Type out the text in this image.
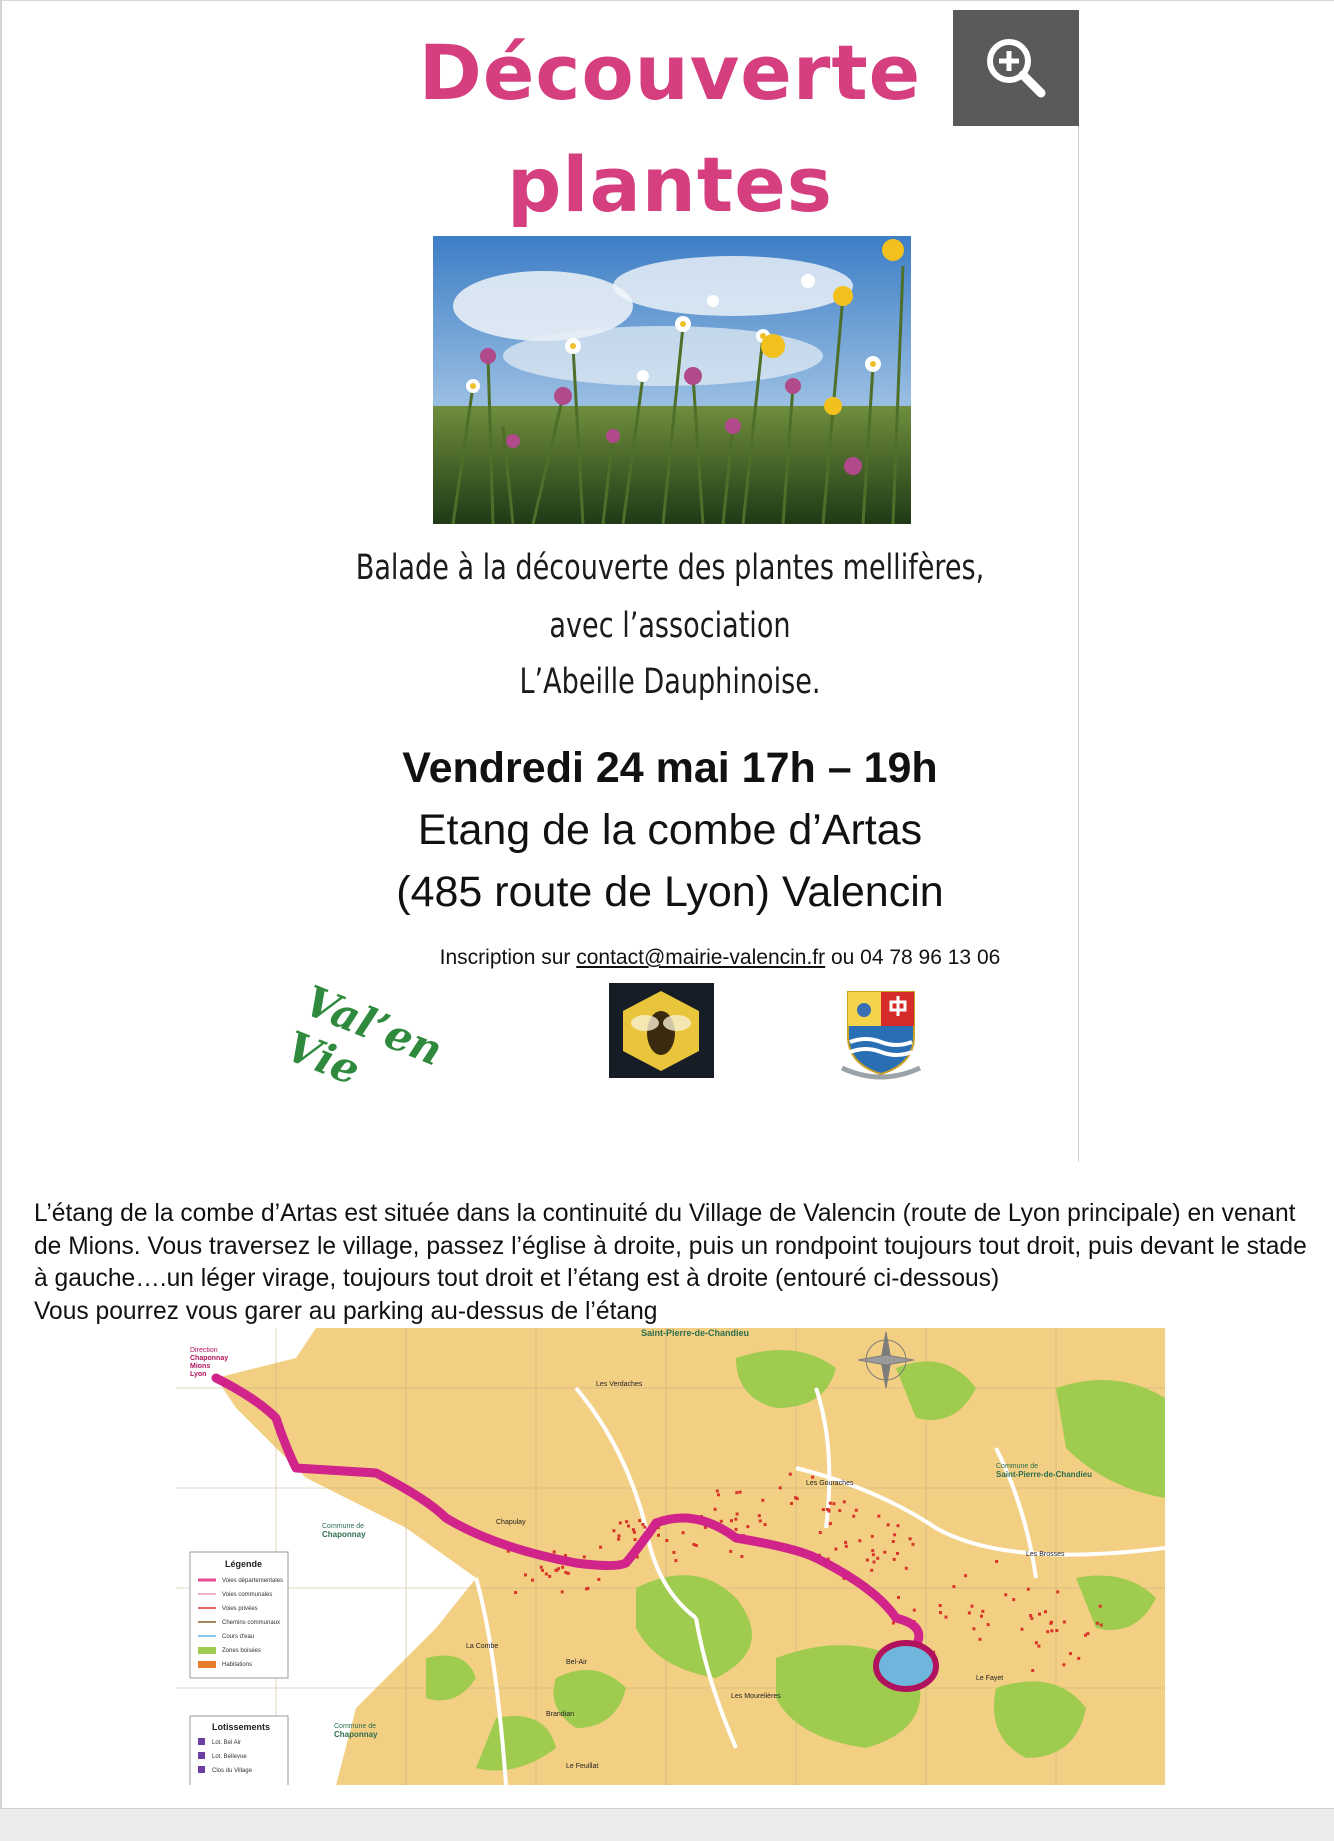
Découverte
plantes
Balade à la découverte des plantes mellifères,
avec l’association
L’Abeille Dauphinoise.
Vendredi 24 mai 17h – 19h
Etang de la combe d’Artas
(485 route de Lyon) Valencin
Inscription sur contact@mairie-valencin.fr ou 04 78 96 13 06
Val’en Vie

L’étang de la combe d’Artas est située dans la continuité du Village de Valencin (route de Lyon principale) en venant de Mions. Vous traversez le village, passez l’église à droite, puis un rondpoint toujours tout droit, puis devant le stade à gauche….un léger virage, toujours tout droit et l’étang est à droite (entouré ci-dessous)

Vous pourrez vous garer au parking au-dessus de l’étang

Direction
Chaponnay
Mions
Lyon
Saint-Pierre-de-Chandieu
Commune de
Saint-Pierre-de-Chandieu
Commune de
Chaponnay
Commune de
Chaponnay
Les Verdaches
Les Gouraches
Chapulay
Les Brosses
La Combe
Bel-Air
Brandian
Les Mourelières
Le Fayet
Le Feuillat
Légende
Voies départementales
Voies communales
Voies privées
Chemins communaux
Cours d'eau
Zones boisées
Habitations
Lotissements
Lot. Bel Air
Lot. Bellevue
Clos du Village
